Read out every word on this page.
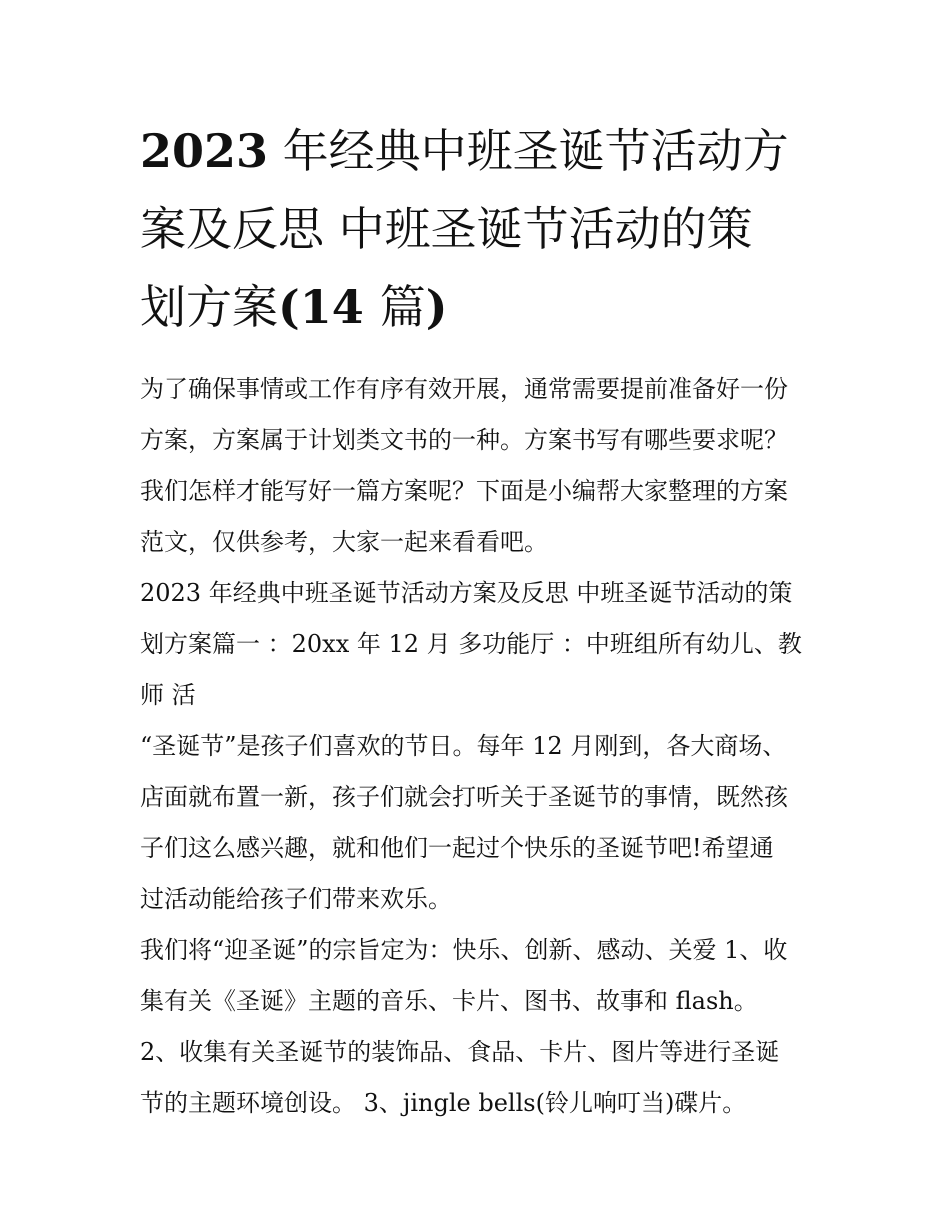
2023 年经典中班圣诞节活动方
案及反思 中班圣诞节活动的策
划方案(14 篇)

为了确保事情或工作有序有效开展，通常需要提前准备好一份
方案，方案属于计划类文书的一种。方案书写有哪些要求呢？
我们怎样才能写好一篇方案呢？下面是小编帮大家整理的方案
范文，仅供参考，大家一起来看看吧。

2023 年经典中班圣诞节活动方案及反思 中班圣诞节活动的策
划方案篇一 ：20xx 年 12 月 多功能厅 ：中班组所有幼儿、教
师 活

“圣诞节”是孩子们喜欢的节日。每年 12 月刚到，各大商场、
店面就布置一新，孩子们就会打听关于圣诞节的事情，既然孩
子们这么感兴趣，就和他们一起过个快乐的圣诞节吧!希望通
过活动能给孩子们带来欢乐。

我们将“迎圣诞”的宗旨定为：快乐、创新、感动、关爱 1、收
集有关《圣诞》主题的音乐、卡片、图书、故事和 flash。

2、收集有关圣诞节的装饰品、食品、卡片、图片等进行圣诞
节的主题环境创设。 3、jingle bells(铃儿响叮当)碟片。
